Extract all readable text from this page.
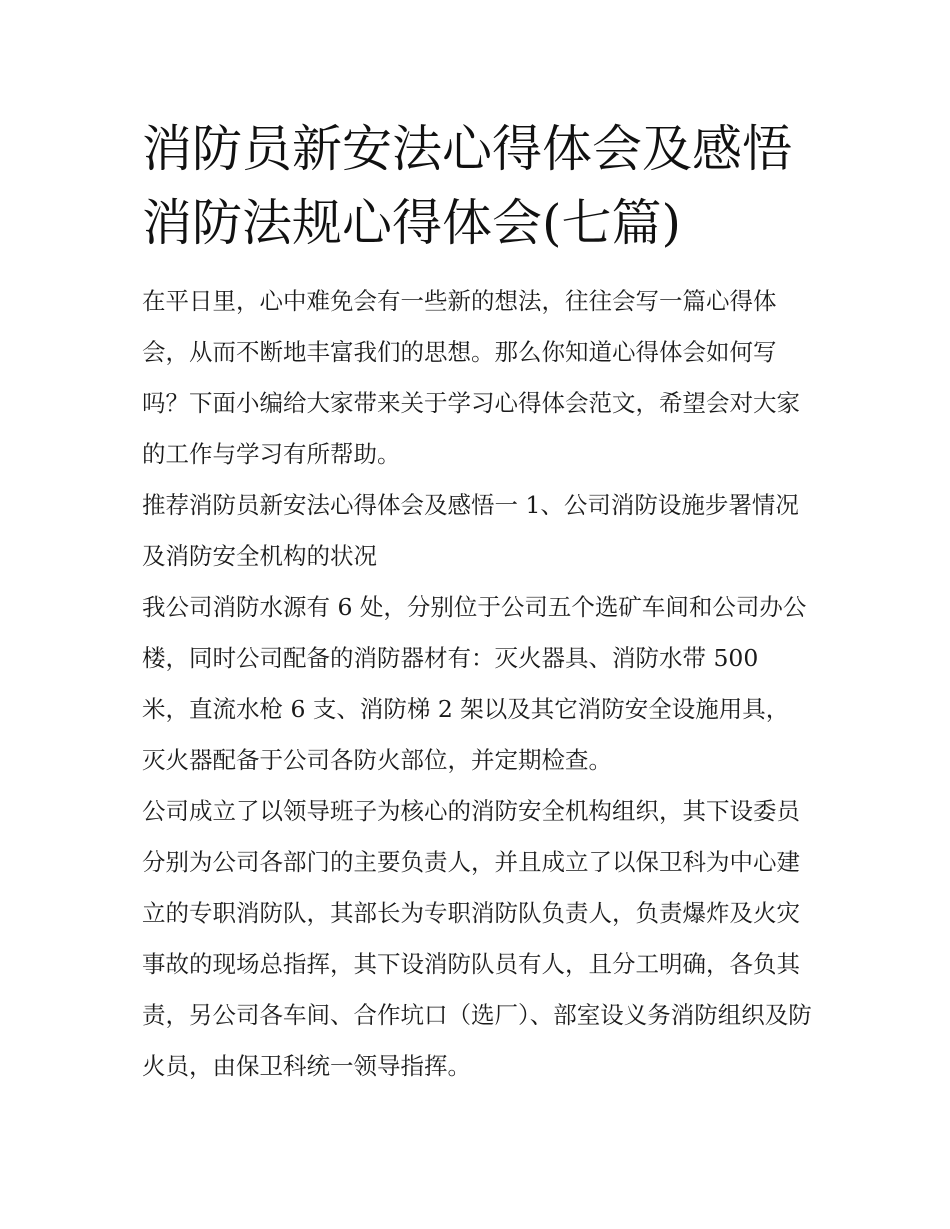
消防员新安法心得体会及感悟
消防法规心得体会(七篇)

在平日里，心中难免会有一些新的想法，往往会写一篇心得体会，从而不断地丰富我们的思想。那么你知道心得体会如何写吗？下面小编给大家带来关于学习心得体会范文，希望会对大家的工作与学习有所帮助。

推荐消防员新安法心得体会及感悟一 1、公司消防设施步署情况及消防安全机构的状况

我公司消防水源有 6 处，分别位于公司五个选矿车间和公司办公楼，同时公司配备的消防器材有：灭火器具、消防水带 500 米，直流水枪 6 支、消防梯 2 架以及其它消防安全设施用具，灭火器配备于公司各防火部位，并定期检查。

公司成立了以领导班子为核心的消防安全机构组织，其下设委员分别为公司各部门的主要负责人，并且成立了以保卫科为中心建立的专职消防队，其部长为专职消防队负责人，负责爆炸及火灾事故的现场总指挥，其下设消防队员有人，且分工明确，各负其责，另公司各车间、合作坑口（选厂）、部室设义务消防组织及防火员，由保卫科统一领导指挥。
